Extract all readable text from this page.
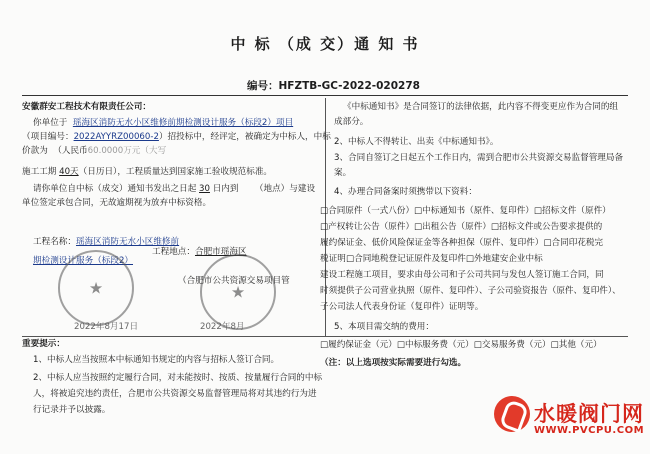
中 标 （成 交）通 知 书
编号：HFZTB-GC-2022-020278
安徽群安工程技术有限责任公司：
你单位于 瑶海区消防无水小区维修前期检测设计服务（标段2）项目
（项目编号：2022AYYRZ00060-2）招投标中，经评定，被确定为中标人，中标
价款为 （人民币60.0000万元（大写
施工工期 40天（日历日），工程质量达到国家施工验收规范标准。
请你单位自中标（成交）通知书发出之日起 30 日内到 （地点）与建设
单位签定承包合同，无故逾期视为放弃中标资格。
工程名称：瑶海区消防无水小区维修前
期检测设计服务（标段2）
工程地点：合肥市瑶海区
（合肥市公共资源交易项目管
2022年8月17日	2022年8月
★	★
《中标通知书》是合同签订的法律依据，此内容不得变更应作为合同的组
成部分。
2、中标人不得转让、出卖《中标通知书》。
3、合同自签订之日起五个工作日内，需到合肥市公共资源交易监督管理局备
案。
4、办理合同备案时须携带以下资料：
□合同原件（一式八份）□中标通知书（原件、复印件）□招标文件（原件）
□产权转让公告（原件）□出租公告（原件）□招标文件或公告要求提供的
履约保证金、低价风险保证金等各种担保（原件、复印件）□合同印花税完
税证明 □合同地税登记证原件及复印件□外地建安企业中标
建设工程施工项目，要求由母公司和子公司共同与发包人签订施工合同，同
时须提供子公司营业执照（原件、复印件）、子公司验资报告（原件、复印件）、
子公司法人代表身份证（复印件）证明等。
5、本项目需交纳的费用：
□履约保证金（元）□中标服务费（元）□交易服务费（元）□其他（元）
（注：以上选项按实际需要进行勾选。
重要提示：
1、中标人应当按照本中标通知书规定的内容与招标人签订合同。
2、中标人应当按照约定履行合同，对未能按时、按质、按量履行合同的中标
人，将被追究违约责任，合肥市公共资源交易监督管理局将对其违约行为进
行记录并予以披露。	水暖阀门网
WWW.PVCPU.COM
